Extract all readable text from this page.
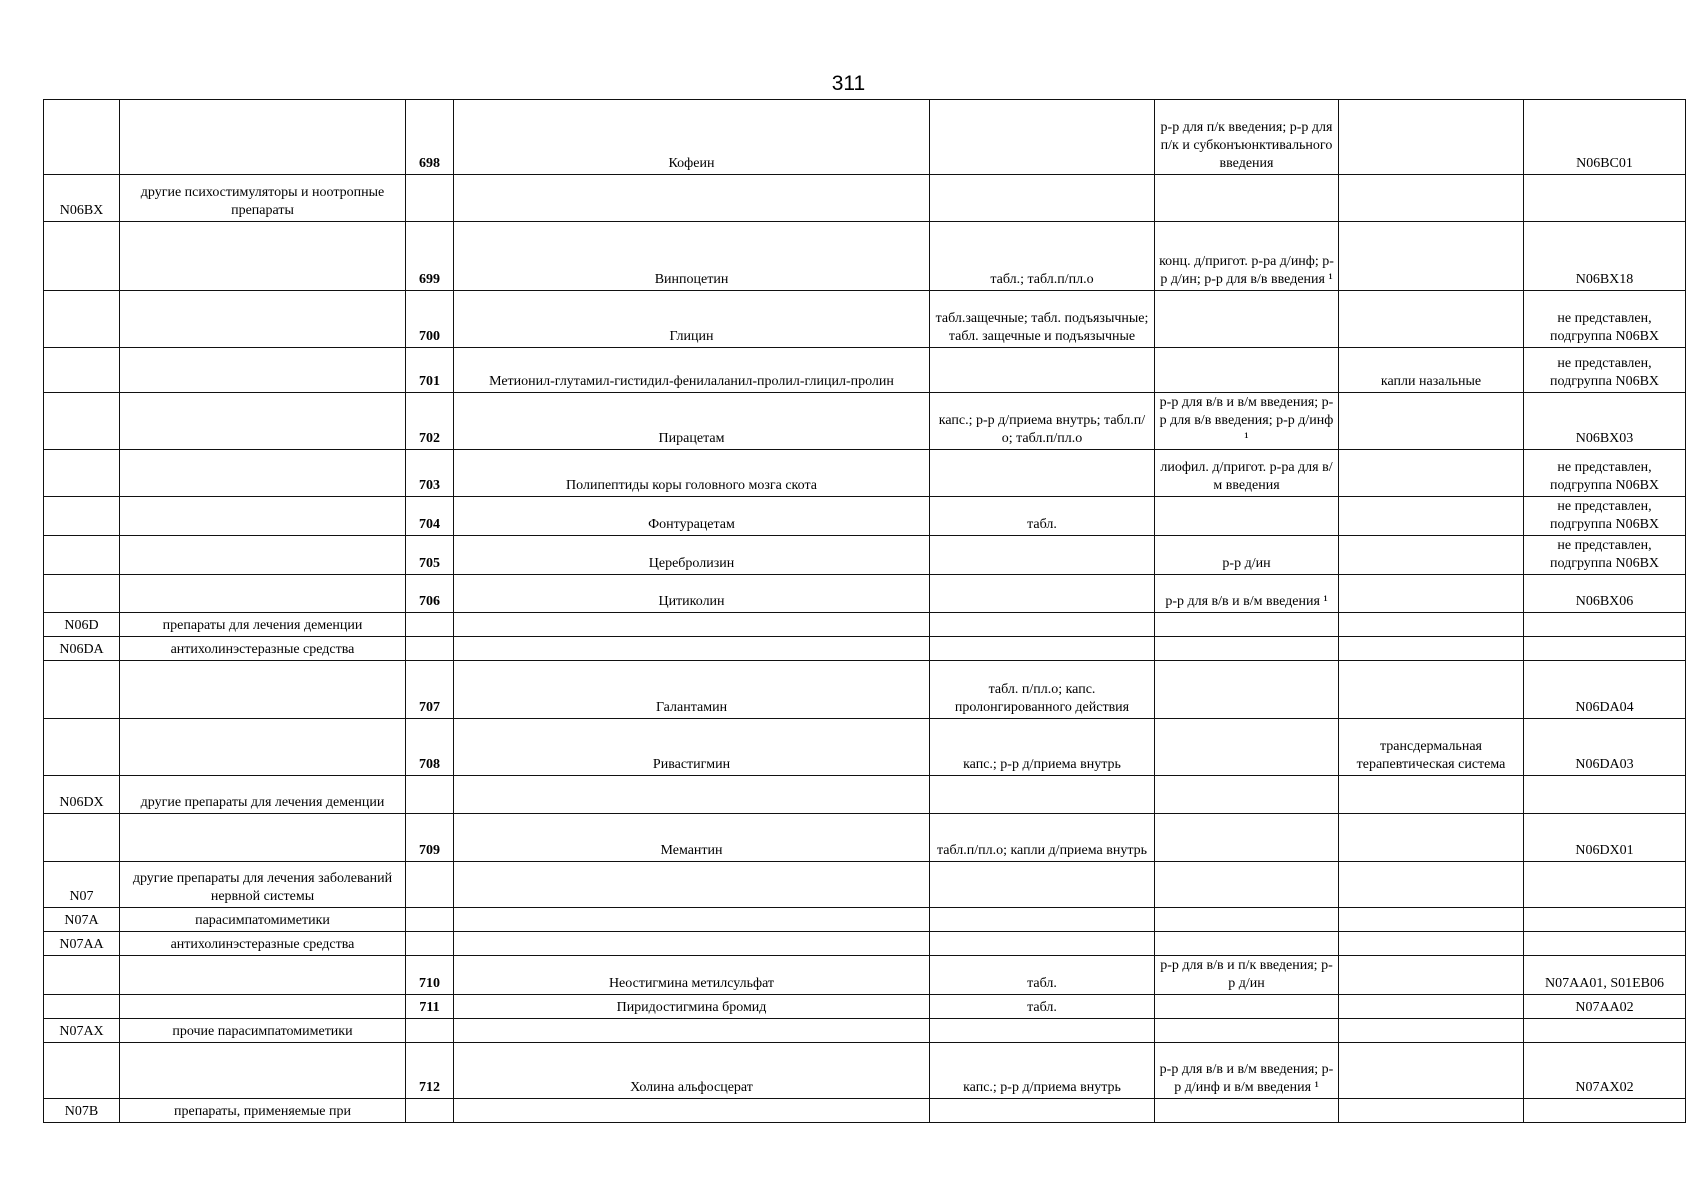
311
		698	Кофеин		р-р для п/к введения; р-р для п/к и субконъюнктивального введения		N06BC01
N06BX	другие психостимуляторы и ноотропные препараты						
		699	Винпоцетин	табл.; табл.п/пл.о	конц. д/пригот. р-ра д/инф; р-р д/ин; р-р для в/в введения ¹		N06BX18
		700	Глицин	табл.защечные; табл. подъязычные; табл. защечные и подъязычные			не представлен, подгруппа N06BX
		701	Метионил-глутамил-гистидил-фенилаланил-пролил-глицил-пролин			капли назальные	не представлен, подгруппа N06BX
		702	Пирацетам	капс.; р-р д/приема внутрь; табл.п/о; табл.п/пл.о	р-р для в/в и в/м введения; р-р для в/в введения; р-р д/инф ¹		N06BX03
		703	Полипептиды коры головного мозга скота		лиофил. д/пригот. р-ра для в/м введения		не представлен, подгруппа N06BX
		704	Фонтурацетам	табл.			не представлен, подгруппа N06BX
		705	Церебролизин		р-р д/ин		не представлен, подгруппа N06BX
		706	Цитиколин		р-р для в/в и в/м введения ¹		N06BX06
N06D	препараты для лечения деменции						
N06DA	антихолинэстеразные средства						
		707	Галантамин	табл. п/пл.о; капс. пролонгированного действия			N06DA04
		708	Ривастигмин	капс.; р-р д/приема внутрь		трансдермальная терапевтическая система	N06DA03
N06DX	другие препараты для лечения деменции						
		709	Мемантин	табл.п/пл.о; капли д/приема внутрь			N06DX01
N07	другие препараты для лечения заболеваний нервной системы						
N07A	парасимпатомиметики						
N07AA	антихолинэстеразные средства						
		710	Неостигмина метилсульфат	табл.	р-р для в/в и п/к введения; р-р д/ин		N07AA01, S01EB06
		711	Пиридостигмина бромид	табл.			N07AA02
N07AX	прочие парасимпатомиметики						
		712	Холина альфосцерат	капс.; р-р д/приема внутрь	р-р для в/в и в/м введения; р-р д/инф и в/м введения ¹		N07AX02
N07B	препараты, применяемые при						
